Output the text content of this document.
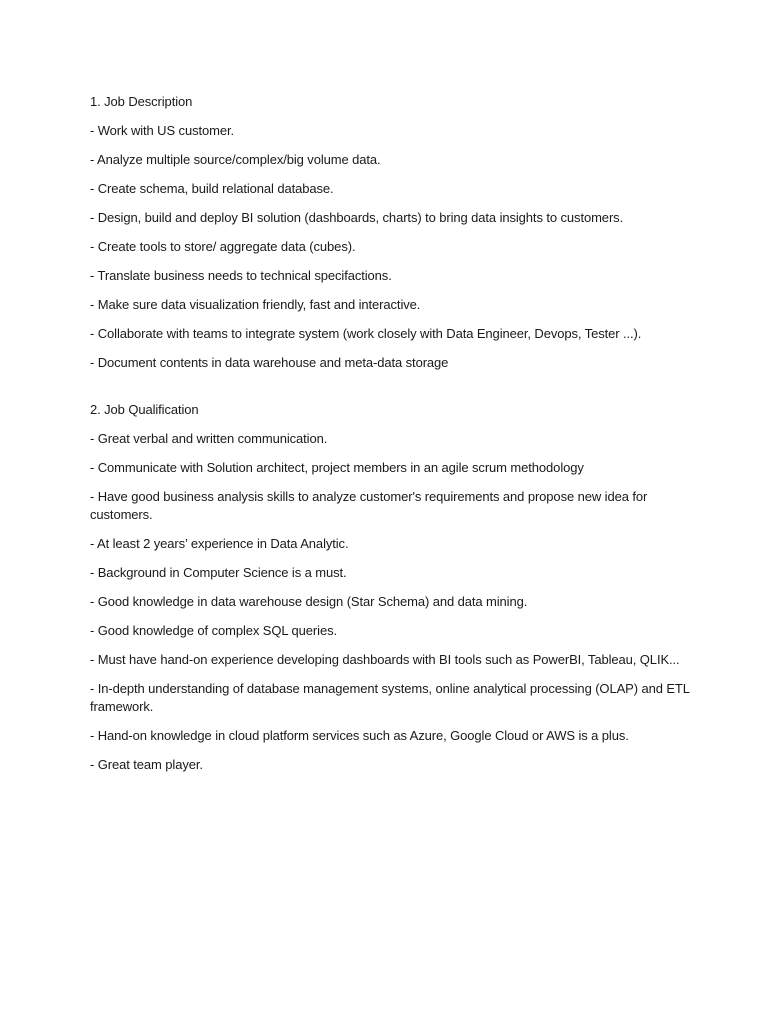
1. Job Description

- Work with US customer.

- Analyze multiple source/complex/big volume data.

- Create schema, build relational database.

- Design, build and deploy BI solution (dashboards, charts) to bring data insights to customers.

- Create tools to store/ aggregate data (cubes).

- Translate business needs to technical specifactions.

- Make sure data visualization friendly, fast and interactive.

- Collaborate with teams to integrate system (work closely with Data Engineer, Devops, Tester ...).

- Document contents in data warehouse and meta-data storage

2. Job Qualification

- Great verbal and written communication.

- Communicate with Solution architect, project members in an agile scrum methodology

- Have good business analysis skills to analyze customer's requirements and propose new idea for customers.

- At least 2 years’ experience in Data Analytic.

- Background in Computer Science is a must.

- Good knowledge in data warehouse design (Star Schema) and data mining.

- Good knowledge of complex SQL queries.

- Must have hand-on experience developing dashboards with BI tools such as PowerBI, Tableau, QLIK...

- In-depth understanding of database management systems, online analytical processing (OLAP) and ETL framework.

- Hand-on knowledge in cloud platform services such as Azure, Google Cloud or AWS is a plus.

- Great team player.
